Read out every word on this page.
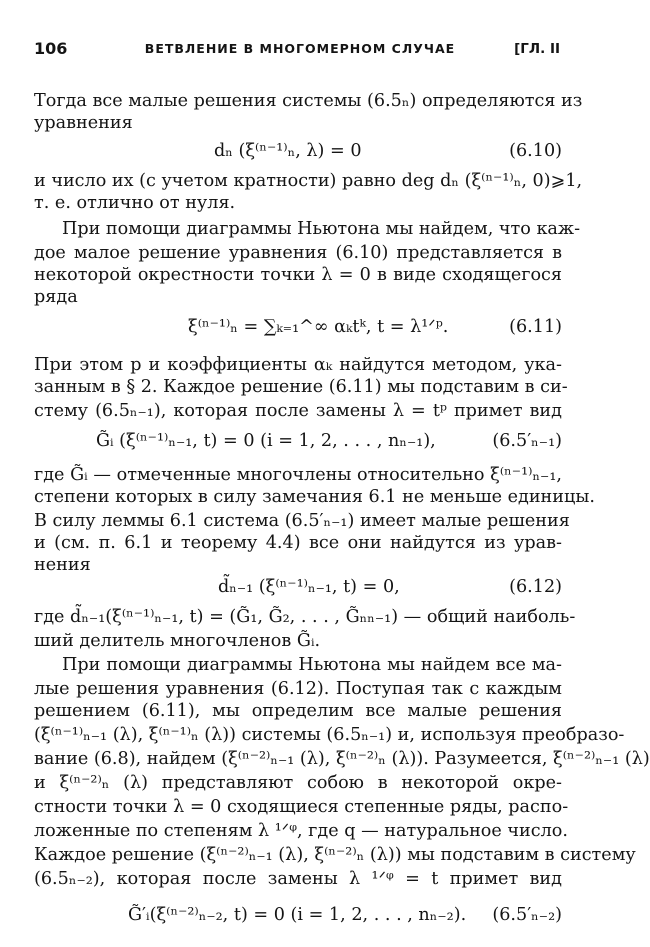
106	ВЕТВЛЕНИЕ В МНОГОМЕРНОМ СЛУЧАЕ	[ГЛ. II
Тогда все малые решения системы (6.5ₙ) определяются из
уравнения
dₙ (ξ⁽ⁿ⁻¹⁾ₙ, λ) = 0	(6.10)
и число их (с учетом кратности) равно deg dₙ (ξ⁽ⁿ⁻¹⁾ₙ, 0)⩾1,
т. е. отлично от нуля.
При помощи диаграммы Ньютона мы найдем, что каж-
дое малое решение уравнения (6.10) представляется в
некоторой окрестности точки λ = 0 в виде сходящегося
ряда
ξ⁽ⁿ⁻¹⁾ₙ = ∑ₖ₌₁^∞ αₖtᵏ, t = λ¹ᐟᵖ.	(6.11)
При этом p и коэффициенты αₖ найдутся методом, ука-
занным в § 2. Каждое решение (6.11) мы подставим в си-
стему (6.5ₙ₋₁), которая после замены λ = tᵖ примет вид
G̃ᵢ (ξ⁽ⁿ⁻¹⁾ₙ₋₁, t) = 0 (i = 1, 2, . . . , nₙ₋₁),	(6.5′ₙ₋₁)
где G̃ᵢ — отмеченные многочлены относительно ξ⁽ⁿ⁻¹⁾ₙ₋₁,
степени которых в силу замечания 6.1 не меньше единицы.
В силу леммы 6.1 система (6.5′ₙ₋₁) имеет малые решения
и (см. п. 6.1 и теорему 4.4) все они найдутся из урав-
нения
d̃ₙ₋₁ (ξ⁽ⁿ⁻¹⁾ₙ₋₁, t) = 0,	(6.12)
где d̃ₙ₋₁(ξ⁽ⁿ⁻¹⁾ₙ₋₁, t) = (G̃₁, G̃₂, . . . , G̃ₙₙ₋₁) — общий наиболь-
ший делитель многочленов G̃ᵢ.
При помощи диаграммы Ньютона мы найдем все ма-
лые решения уравнения (6.12). Поступая так с каждым
решением (6.11), мы определим все малые решения
(ξ⁽ⁿ⁻¹⁾ₙ₋₁ (λ), ξ⁽ⁿ⁻¹⁾ₙ (λ)) системы (6.5ₙ₋₁) и, используя преобразо-
вание (6.8), найдем (ξ⁽ⁿ⁻²⁾ₙ₋₁ (λ), ξ⁽ⁿ⁻²⁾ₙ (λ)). Разумеется, ξ⁽ⁿ⁻²⁾ₙ₋₁ (λ)
и ξ⁽ⁿ⁻²⁾ₙ (λ) представляют собою в некоторой окре-
стности точки λ = 0 сходящиеся степенные ряды, распо-
ложенные по степеням λ ¹ᐟᵠ, где q — натуральное число.
Каждое решение (ξ⁽ⁿ⁻²⁾ₙ₋₁ (λ), ξ⁽ⁿ⁻²⁾ₙ (λ)) мы подставим в систему
(6.5ₙ₋₂), которая после замены λ ¹ᐟᵠ = t примет вид
G̃′ᵢ(ξ⁽ⁿ⁻²⁾ₙ₋₂, t) = 0 (i = 1, 2, . . . , nₙ₋₂). (6.5′ₙ₋₂)
